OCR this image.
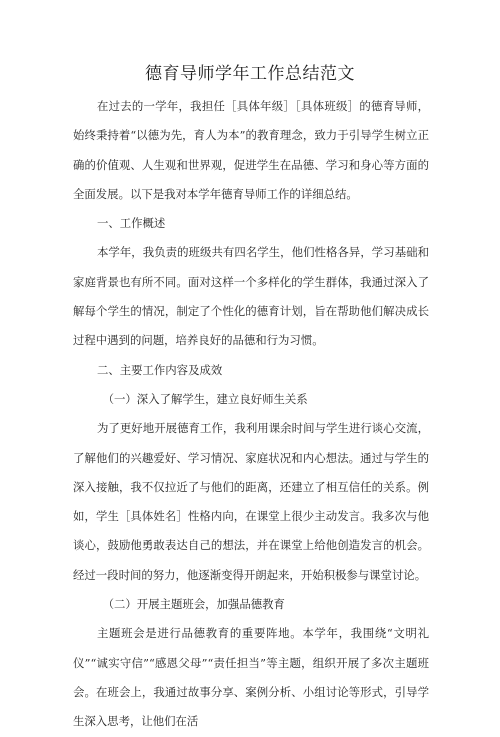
德育导师学年工作总结范文

在过去的一学年，我担任［具体年级］［具体班级］的德育导师，始终秉持着“以德为先，育人为本”的教育理念，致力于引导学生树立正确的价值观、人生观和世界观，促进学生在品德、学习和身心等方面的全面发展。以下是我对本学年德育导师工作的详细总结。

一、工作概述

本学年，我负责的班级共有四名学生，他们性格各异，学习基础和家庭背景也有所不同。面对这样一个多样化的学生群体，我通过深入了解每个学生的情况，制定了个性化的德育计划，旨在帮助他们解决成长过程中遇到的问题，培养良好的品德和行为习惯。

二、主要工作内容及成效

（一）深入了解学生，建立良好师生关系

为了更好地开展德育工作，我利用课余时间与学生进行谈心交流，了解他们的兴趣爱好、学习情况、家庭状况和内心想法。通过与学生的深入接触，我不仅拉近了与他们的距离，还建立了相互信任的关系。例如，学生［具体姓名］性格内向，在课堂上很少主动发言。我多次与他谈心，鼓励他勇敢表达自己的想法，并在课堂上给他创造发言的机会。经过一段时间的努力，他逐渐变得开朗起来，开始积极参与课堂讨论。

（二）开展主题班会，加强品德教育

主题班会是进行品德教育的重要阵地。本学年，我围绕“文明礼仪”“诚实守信”“感恩父母”“责任担当”等主题，组织开展了多次主题班会。在班会上，我通过故事分享、案例分析、小组讨论等形式，引导学生深入思考，让他们在活
